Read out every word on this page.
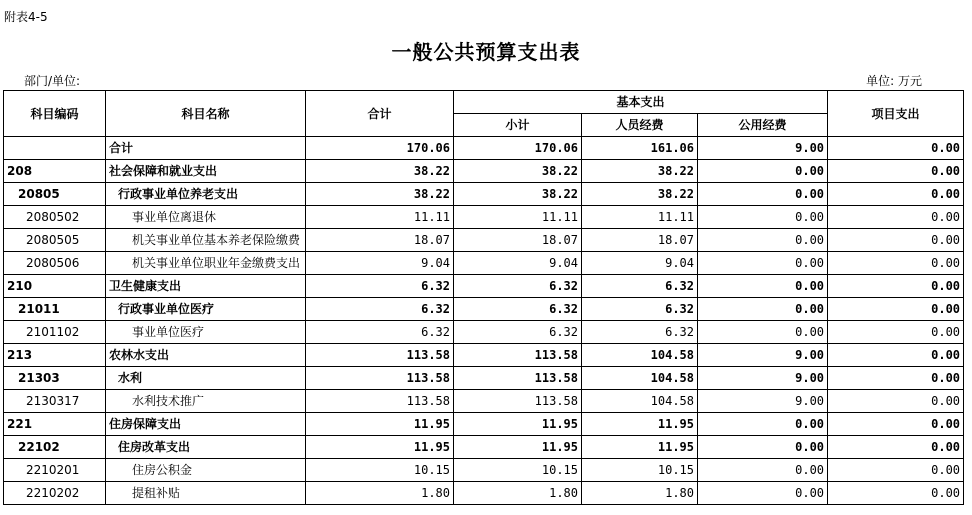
附表4-5
一般公共预算支出表
部门/单位:	单位: 万元
科目编码	科目名称	合计	基本支出			项目支出
			小计	人员经费	公用经费	
	合计	170.06	170.06	161.06	9.00	0.00
208	社会保障和就业支出	38.22	38.22	38.22	0.00	0.00
20805	行政事业单位养老支出	38.22	38.22	38.22	0.00	0.00
2080502	事业单位离退休	11.11	11.11	11.11	0.00	0.00
2080505	机关事业单位基本养老保险缴费	18.07	18.07	18.07	0.00	0.00
2080506	机关事业单位职业年金缴费支出	9.04	9.04	9.04	0.00	0.00
210	卫生健康支出	6.32	6.32	6.32	0.00	0.00
21011	行政事业单位医疗	6.32	6.32	6.32	0.00	0.00
2101102	事业单位医疗	6.32	6.32	6.32	0.00	0.00
213	农林水支出	113.58	113.58	104.58	9.00	0.00
21303	水利	113.58	113.58	104.58	9.00	0.00
2130317	水利技术推广	113.58	113.58	104.58	9.00	0.00
221	住房保障支出	11.95	11.95	11.95	0.00	0.00
22102	住房改革支出	11.95	11.95	11.95	0.00	0.00
2210201	住房公积金	10.15	10.15	10.15	0.00	0.00
2210202	提租补贴	1.80	1.80	1.80	0.00	0.00
